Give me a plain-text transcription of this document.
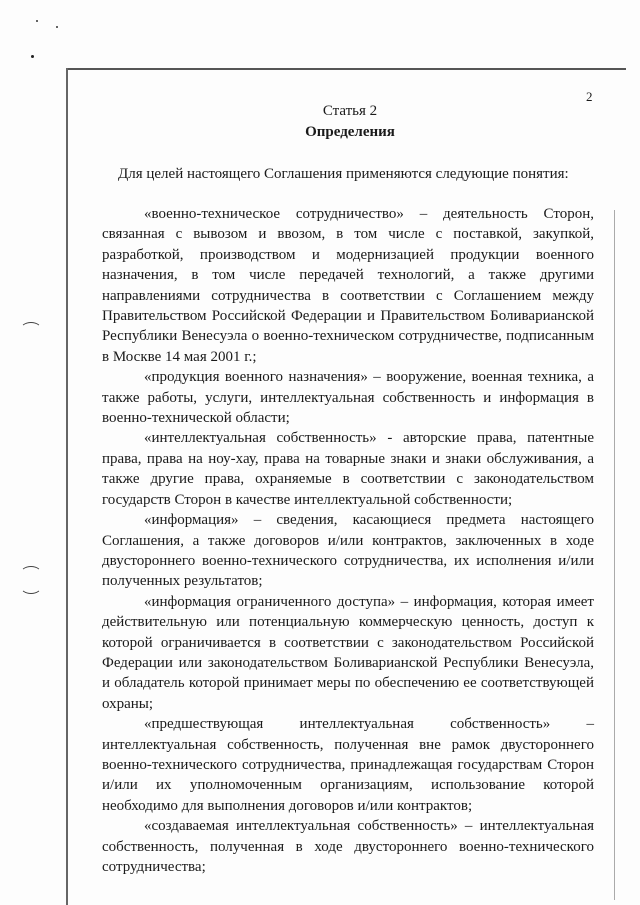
2
Статья 2
Определения
Для целей настоящего Соглашения применяются следующие понятия:

«военно-техническое сотрудничество» – деятельность Сторон, связанная с вывозом и ввозом, в том числе с поставкой, закупкой, разработкой, производством и модернизацией продукции военного назначения, в том числе передачей технологий, а также другими направлениями сотрудничества в соответствии с Соглашением между Правительством Российской Федерации и Правительством Боливарианской Республики Венесуэла о военно-техническом сотрудничестве, подписанным в Москве 14 мая 2001 г.;

«продукция военного назначения» – вооружение, военная техника, а также работы, услуги, интеллектуальная собственность и информация в военно-технической области;

«интеллектуальная собственность» - авторские права, патентные права, права на ноу-хау, права на товарные знаки и знаки обслуживания, а также другие права, охраняемые в соответствии с законодательством государств Сторон в качестве интеллектуальной собственности;

«информация» – сведения, касающиеся предмета настоящего Соглашения, а также договоров и/или контрактов, заключенных в ходе двустороннего военно-технического сотрудничества, их исполнения и/или полученных результатов;

«информация ограниченного доступа» – информация, которая имеет действительную или потенциальную коммерческую ценность, доступ к которой ограничивается в соответствии с законодательством Российской Федерации или законодательством Боливарианской Республики Венесуэла, и обладатель которой принимает меры по обеспечению ее соответствующей охраны;

«предшествующая интеллектуальная собственность» – интеллектуальная собственность, полученная вне рамок двустороннего военно-технического сотрудничества, принадлежащая государствам Сторон и/или их уполномоченным организациям, использование которой необходимо для выполнения договоров и/или контрактов;

«создаваемая интеллектуальная собственность» – интеллектуальная собственность, полученная в ходе двустороннего военно-технического сотрудничества;
